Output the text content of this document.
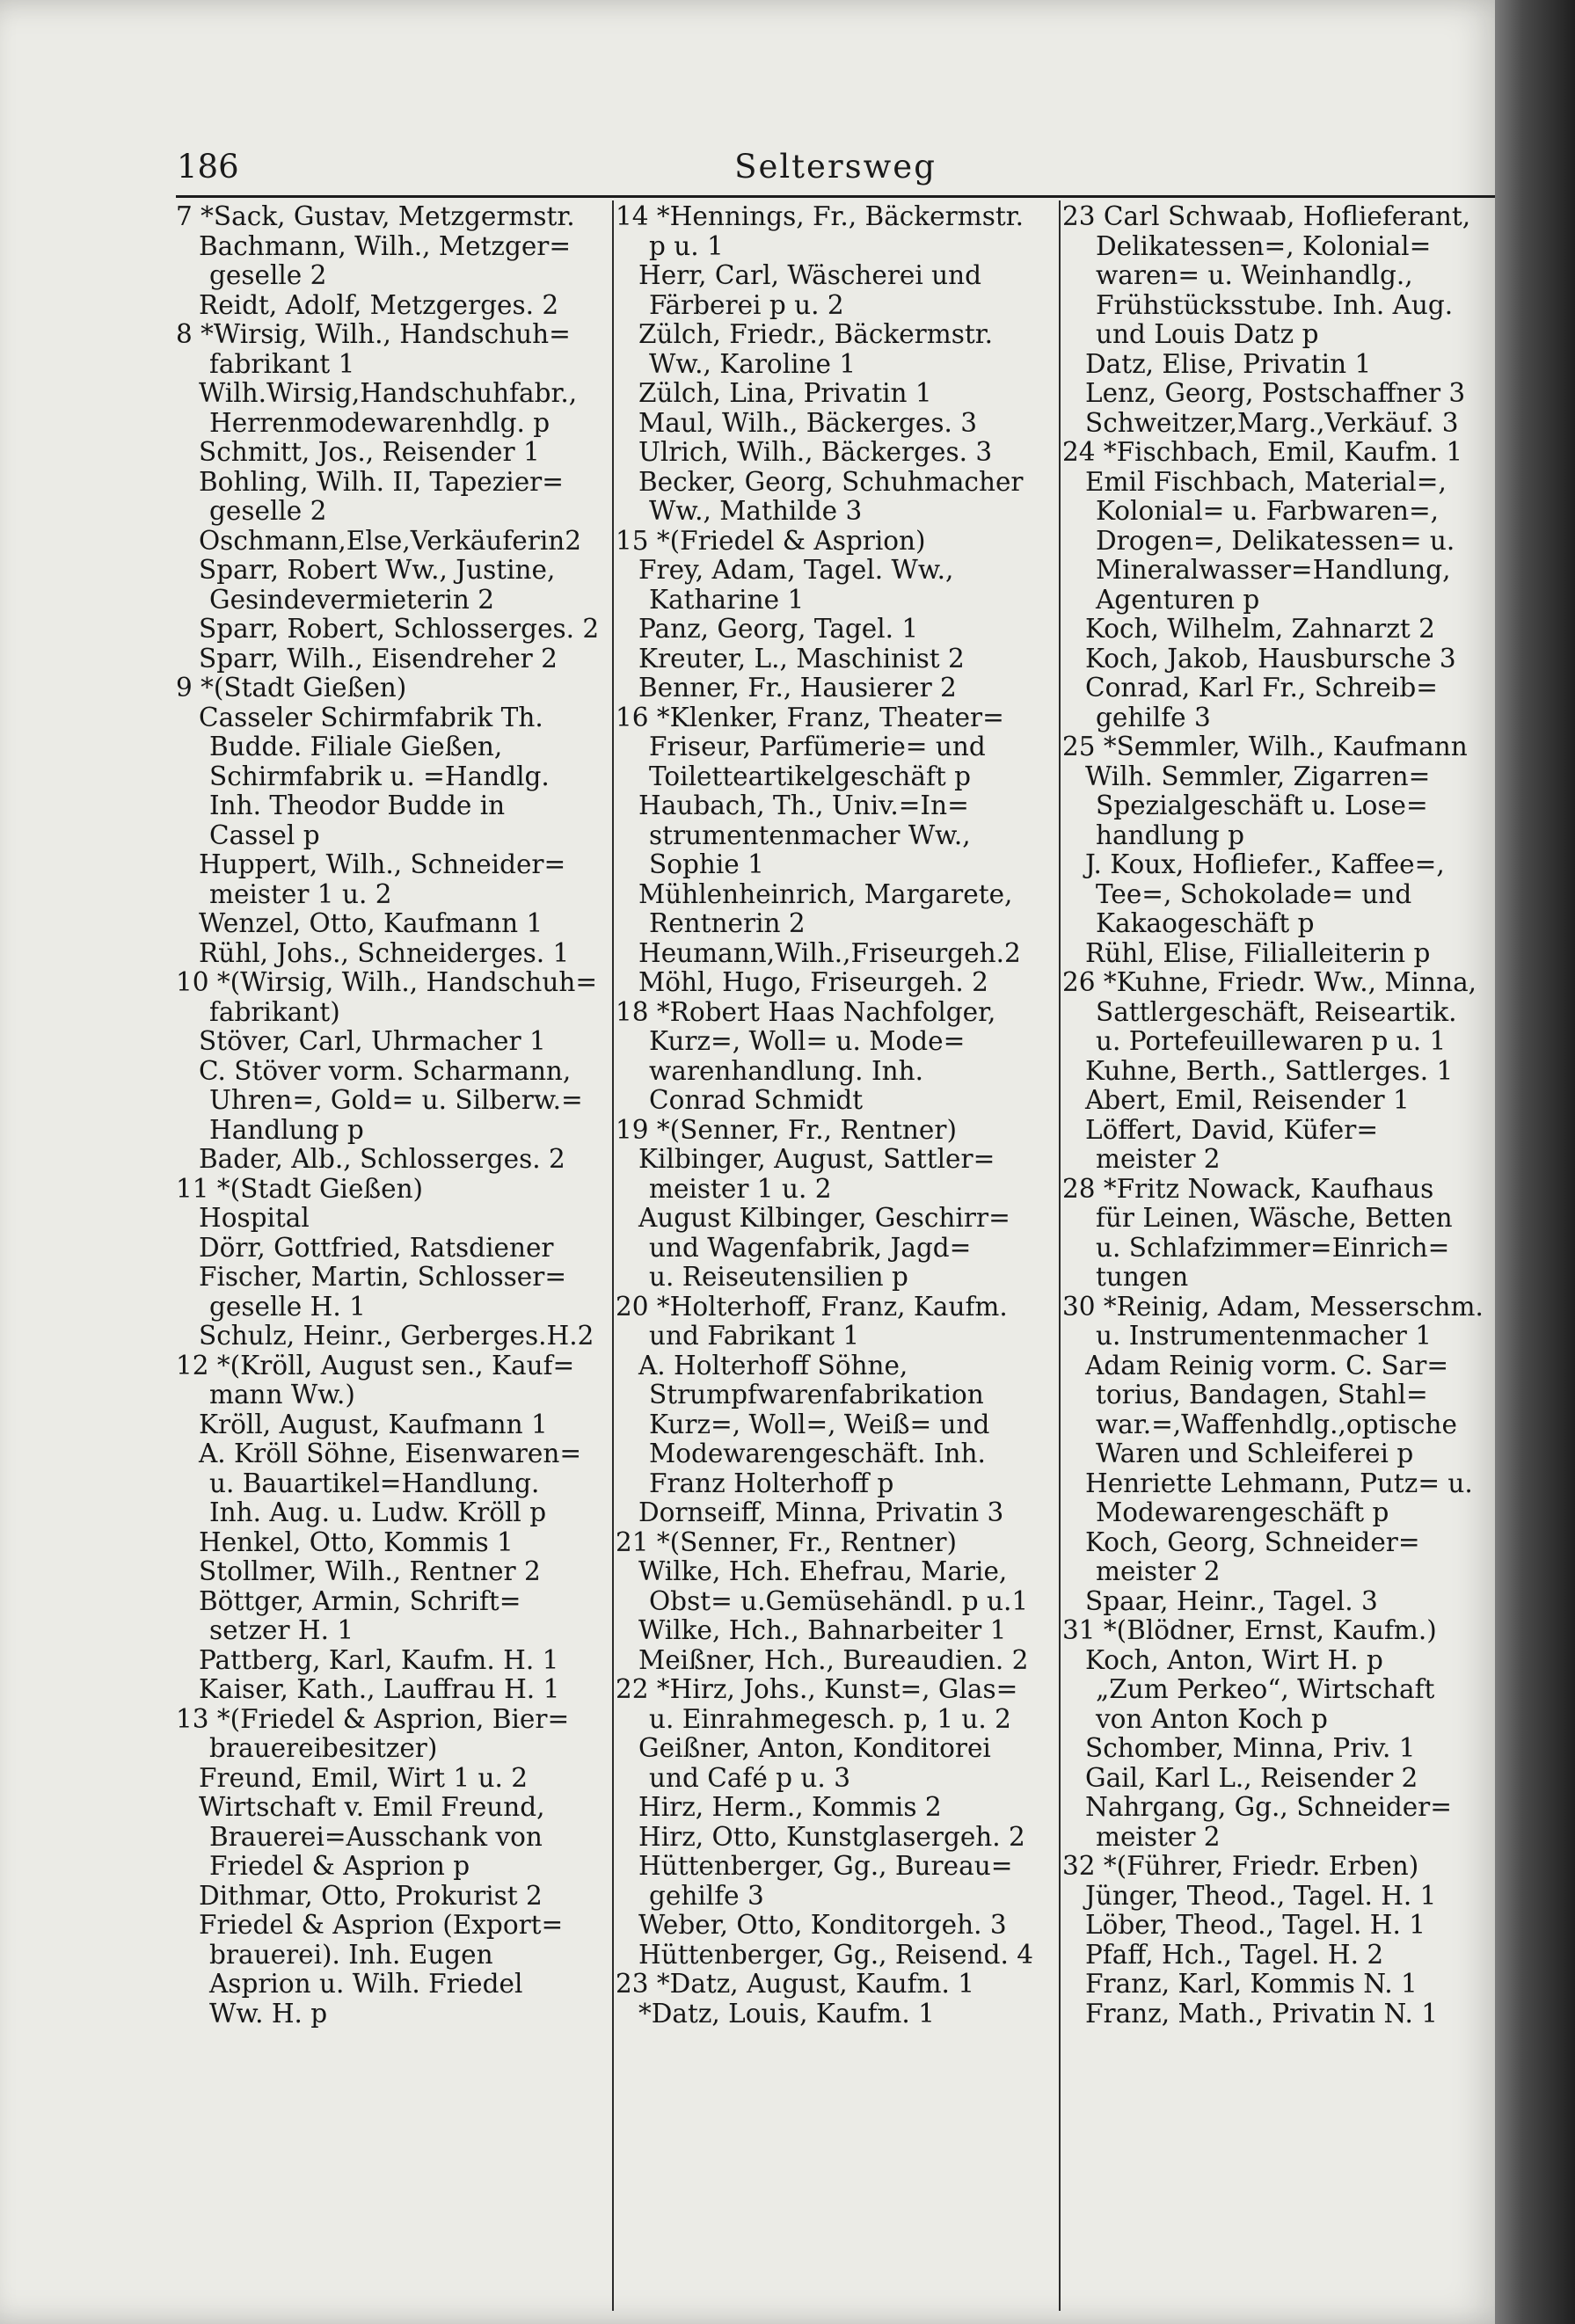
186	Seltersweg
7 *Sack, Gustav, Metzgermstr.
Bachmann, Wilh., Metzger=
geselle 2
Reidt, Adolf, Metzgerges. 2
8 *Wirsig, Wilh., Handschuh=
fabrikant 1
Wilh.Wirsig,Handschuhfabr.,
Herrenmodewarenhdlg. p
Schmitt, Jos., Reisender 1
Bohling, Wilh. II, Tapezier=
geselle 2
Oschmann,Else,Verkäuferin2
Sparr, Robert Ww., Justine,
Gesindevermieterin 2
Sparr, Robert, Schlosserges. 2
Sparr, Wilh., Eisendreher 2
9 *(Stadt Gießen)
Casseler Schirmfabrik Th.
Budde. Filiale Gießen,
Schirmfabrik u. =Handlg.
Inh. Theodor Budde in
Cassel p
Huppert, Wilh., Schneider=
meister 1 u. 2
Wenzel, Otto, Kaufmann 1
Rühl, Johs., Schneiderges. 1
10 *(Wirsig, Wilh., Handschuh=
fabrikant)
Stöver, Carl, Uhrmacher 1
C. Stöver vorm. Scharmann,
Uhren=, Gold= u. Silberw.=
Handlung p
Bader, Alb., Schlosserges. 2
11 *(Stadt Gießen)
Hospital
Dörr, Gottfried, Ratsdiener
Fischer, Martin, Schlosser=
geselle H. 1
Schulz, Heinr., Gerberges.H.2
12 *(Kröll, August sen., Kauf=
mann Ww.)
Kröll, August, Kaufmann 1
A. Kröll Söhne, Eisenwaren=
u. Bauartikel=Handlung.
Inh. Aug. u. Ludw. Kröll p
Henkel, Otto, Kommis 1
Stollmer, Wilh., Rentner 2
Böttger, Armin, Schrift=
setzer H. 1
Pattberg, Karl, Kaufm. H. 1
Kaiser, Kath., Lauffrau H. 1
13 *(Friedel & Asprion, Bier=
brauereibesitzer)
Freund, Emil, Wirt 1 u. 2
Wirtschaft v. Emil Freund,
Brauerei=Ausschank von
Friedel & Asprion p
Dithmar, Otto, Prokurist 2
Friedel & Asprion (Export=
brauerei). Inh. Eugen
Asprion u. Wilh. Friedel
Ww. H. p
14 *Hennings, Fr., Bäckermstr.
p u. 1
Herr, Carl, Wäscherei und
Färberei p u. 2
Zülch, Friedr., Bäckermstr.
Ww., Karoline 1
Zülch, Lina, Privatin 1
Maul, Wilh., Bäckerges. 3
Ulrich, Wilh., Bäckerges. 3
Becker, Georg, Schuhmacher
Ww., Mathilde 3
15 *(Friedel & Asprion)
Frey, Adam, Tagel. Ww.,
Katharine 1
Panz, Georg, Tagel. 1
Kreuter, L., Maschinist 2
Benner, Fr., Hausierer 2
16 *Klenker, Franz, Theater=
Friseur, Parfümerie= und
Toiletteartikelgeschäft p
Haubach, Th., Univ.=In=
strumentenmacher Ww.,
Sophie 1
Mühlenheinrich, Margarete,
Rentnerin 2
Heumann,Wilh.,Friseurgeh.2
Möhl, Hugo, Friseurgeh. 2
18 *Robert Haas Nachfolger,
Kurz=, Woll= u. Mode=
warenhandlung. Inh.
Conrad Schmidt
19 *(Senner, Fr., Rentner)
Kilbinger, August, Sattler=
meister 1 u. 2
August Kilbinger, Geschirr=
und Wagenfabrik, Jagd=
u. Reiseutensilien p
20 *Holterhoff, Franz, Kaufm.
und Fabrikant 1
A. Holterhoff Söhne,
Strumpfwarenfabrikation
Kurz=, Woll=, Weiß= und
Modewarengeschäft. Inh.
Franz Holterhoff p
Dornseiff, Minna, Privatin 3
21 *(Senner, Fr., Rentner)
Wilke, Hch. Ehefrau, Marie,
Obst= u.Gemüsehändl. p u.1
Wilke, Hch., Bahnarbeiter 1
Meißner, Hch., Bureaudien. 2
22 *Hirz, Johs., Kunst=, Glas=
u. Einrahmegesch. p, 1 u. 2
Geißner, Anton, Konditorei
und Café p u. 3
Hirz, Herm., Kommis 2
Hirz, Otto, Kunstglasergeh. 2
Hüttenberger, Gg., Bureau=
gehilfe 3
Weber, Otto, Konditorgeh. 3
Hüttenberger, Gg., Reisend. 4
23 *Datz, August, Kaufm. 1
*Datz, Louis, Kaufm. 1
23 Carl Schwaab, Hoflieferant,
Delikatessen=, Kolonial=
waren= u. Weinhandlg.,
Frühstücksstube. Inh. Aug.
und Louis Datz p
Datz, Elise, Privatin 1
Lenz, Georg, Postschaffner 3
Schweitzer,Marg.,Verkäuf. 3
24 *Fischbach, Emil, Kaufm. 1
Emil Fischbach, Material=,
Kolonial= u. Farbwaren=,
Drogen=, Delikatessen= u.
Mineralwasser=Handlung,
Agenturen p
Koch, Wilhelm, Zahnarzt 2
Koch, Jakob, Hausbursche 3
Conrad, Karl Fr., Schreib=
gehilfe 3
25 *Semmler, Wilh., Kaufmann
Wilh. Semmler, Zigarren=
Spezialgeschäft u. Lose=
handlung p
J. Koux, Hofliefer., Kaffee=,
Tee=, Schokolade= und
Kakaogeschäft p
Rühl, Elise, Filialleiterin p
26 *Kuhne, Friedr. Ww., Minna,
Sattlergeschäft, Reiseartik.
u. Portefeuillewaren p u. 1
Kuhne, Berth., Sattlerges. 1
Abert, Emil, Reisender 1
Löffert, David, Küfer=
meister 2
28 *Fritz Nowack, Kaufhaus
für Leinen, Wäsche, Betten
u. Schlafzimmer=Einrich=
tungen
30 *Reinig, Adam, Messerschm.
u. Instrumentenmacher 1
Adam Reinig vorm. C. Sar=
torius, Bandagen, Stahl=
war.=,Waffenhdlg.,optische
Waren und Schleiferei p
Henriette Lehmann, Putz= u.
Modewarengeschäft p
Koch, Georg, Schneider=
meister 2
Spaar, Heinr., Tagel. 3
31 *(Blödner, Ernst, Kaufm.)
Koch, Anton, Wirt H. p
„Zum Perkeo“, Wirtschaft
von Anton Koch p
Schomber, Minna, Priv. 1
Gail, Karl L., Reisender 2
Nahrgang, Gg., Schneider=
meister 2
32 *(Führer, Friedr. Erben)
Jünger, Theod., Tagel. H. 1
Löber, Theod., Tagel. H. 1
Pfaff, Hch., Tagel. H. 2
Franz, Karl, Kommis N. 1
Franz, Math., Privatin N. 1
